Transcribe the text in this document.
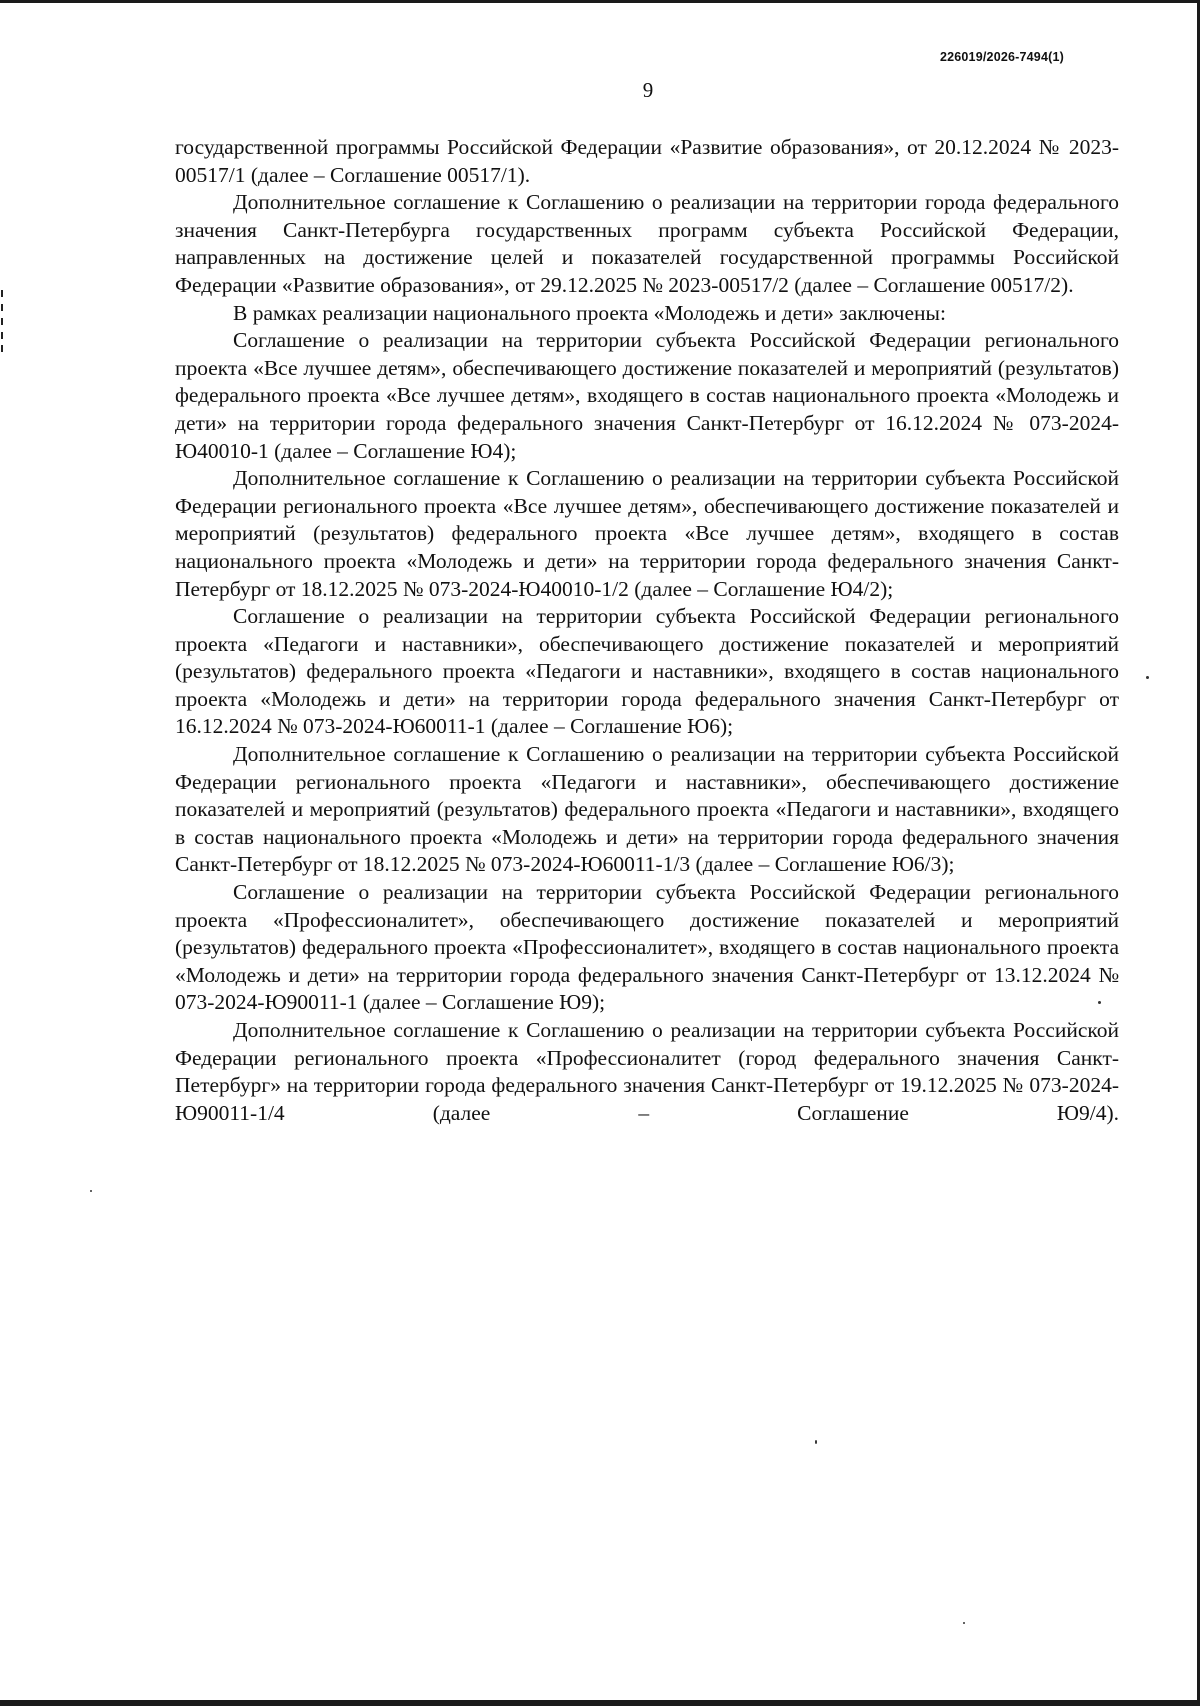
226019/2026-7494(1)
9

государственной программы Российской Федерации «Развитие образования», от 20.12.2024 № 2023-00517/1 (далее – Соглашение 00517/1).

Дополнительное соглашение к Соглашению о реализации на территории города федерального значения Санкт-Петербурга государственных программ субъекта Российской Федерации, направленных на достижение целей и показателей государственной программы Российской Федерации «Развитие образования», от 29.12.2025 № 2023-00517/2 (далее – Соглашение 00517/2).

В рамках реализации национального проекта «Молодежь и дети» заключены:

Соглашение о реализации на территории субъекта Российской Федерации регионального проекта «Все лучшее детям», обеспечивающего достижение показателей и мероприятий (результатов) федерального проекта «Все лучшее детям», входящего в состав национального проекта «Молодежь и дети» на территории города федерального значения Санкт-Петербург от 16.12.2024 № 073-2024-Ю40010-1 (далее – Соглашение Ю4);

Дополнительное соглашение к Соглашению о реализации на территории субъекта Российской Федерации регионального проекта «Все лучшее детям», обеспечивающего достижение показателей и мероприятий (результатов) федерального проекта «Все лучшее детям», входящего в состав национального проекта «Молодежь и дети» на территории города федерального значения Санкт-Петербург от 18.12.2025 № 073-2024-Ю40010-1/2 (далее – Соглашение Ю4/2);

Соглашение о реализации на территории субъекта Российской Федерации регионального проекта «Педагоги и наставники», обеспечивающего достижение показателей и мероприятий (результатов) федерального проекта «Педагоги и наставники», входящего в состав национального проекта «Молодежь и дети» на территории города федерального значения Санкт-Петербург от 16.12.2024 № 073-2024-Ю60011-1 (далее – Соглашение Ю6);

Дополнительное соглашение к Соглашению о реализации на территории субъекта Российской Федерации регионального проекта «Педагоги и наставники», обеспечивающего достижение показателей и мероприятий (результатов) федерального проекта «Педагоги и наставники», входящего в состав национального проекта «Молодежь и дети» на территории города федерального значения Санкт-Петербург от 18.12.2025 № 073-2024-Ю60011-1/3 (далее – Соглашение Ю6/3);

Соглашение о реализации на территории субъекта Российской Федерации регионального проекта «Профессионалитет», обеспечивающего достижение показателей и мероприятий (результатов) федерального проекта «Профессионалитет», входящего в состав национального проекта «Молодежь и дети» на территории города федерального значения Санкт-Петербург от 13.12.2024 № 073-2024-Ю90011-1 (далее – Соглашение Ю9);

Дополнительное соглашение к Соглашению о реализации на территории субъекта Российской Федерации регионального проекта «Профессионалитет (город федерального значения Санкт-Петербург» на территории города федерального значения Санкт-Петербург от 19.12.2025 № 073-2024-Ю90011-1/4 (далее – Соглашение Ю9/4).
